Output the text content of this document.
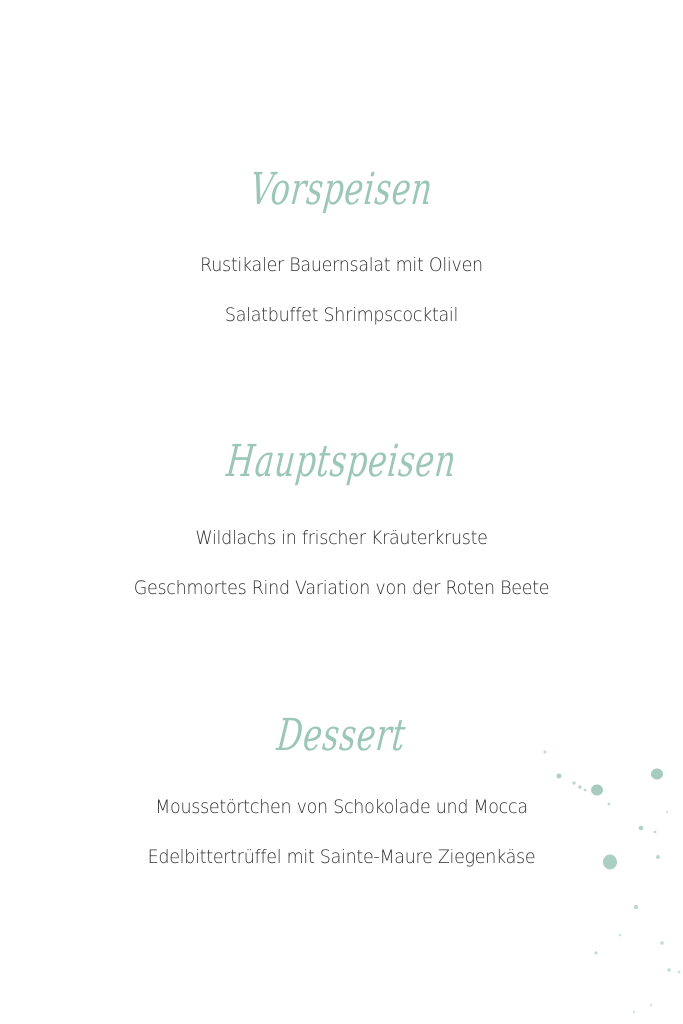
Vorspeisen
Rustikaler Bauernsalat mit Oliven
Salatbuffet Shrimpscocktail
Hauptspeisen
Wildlachs in frischer Kräuterkruste
Geschmortes Rind Variation von der Roten Beete
Dessert
Moussetörtchen von Schokolade und Mocca
Edelbittertrüffel mit Sainte-Maure Ziegenkäse
